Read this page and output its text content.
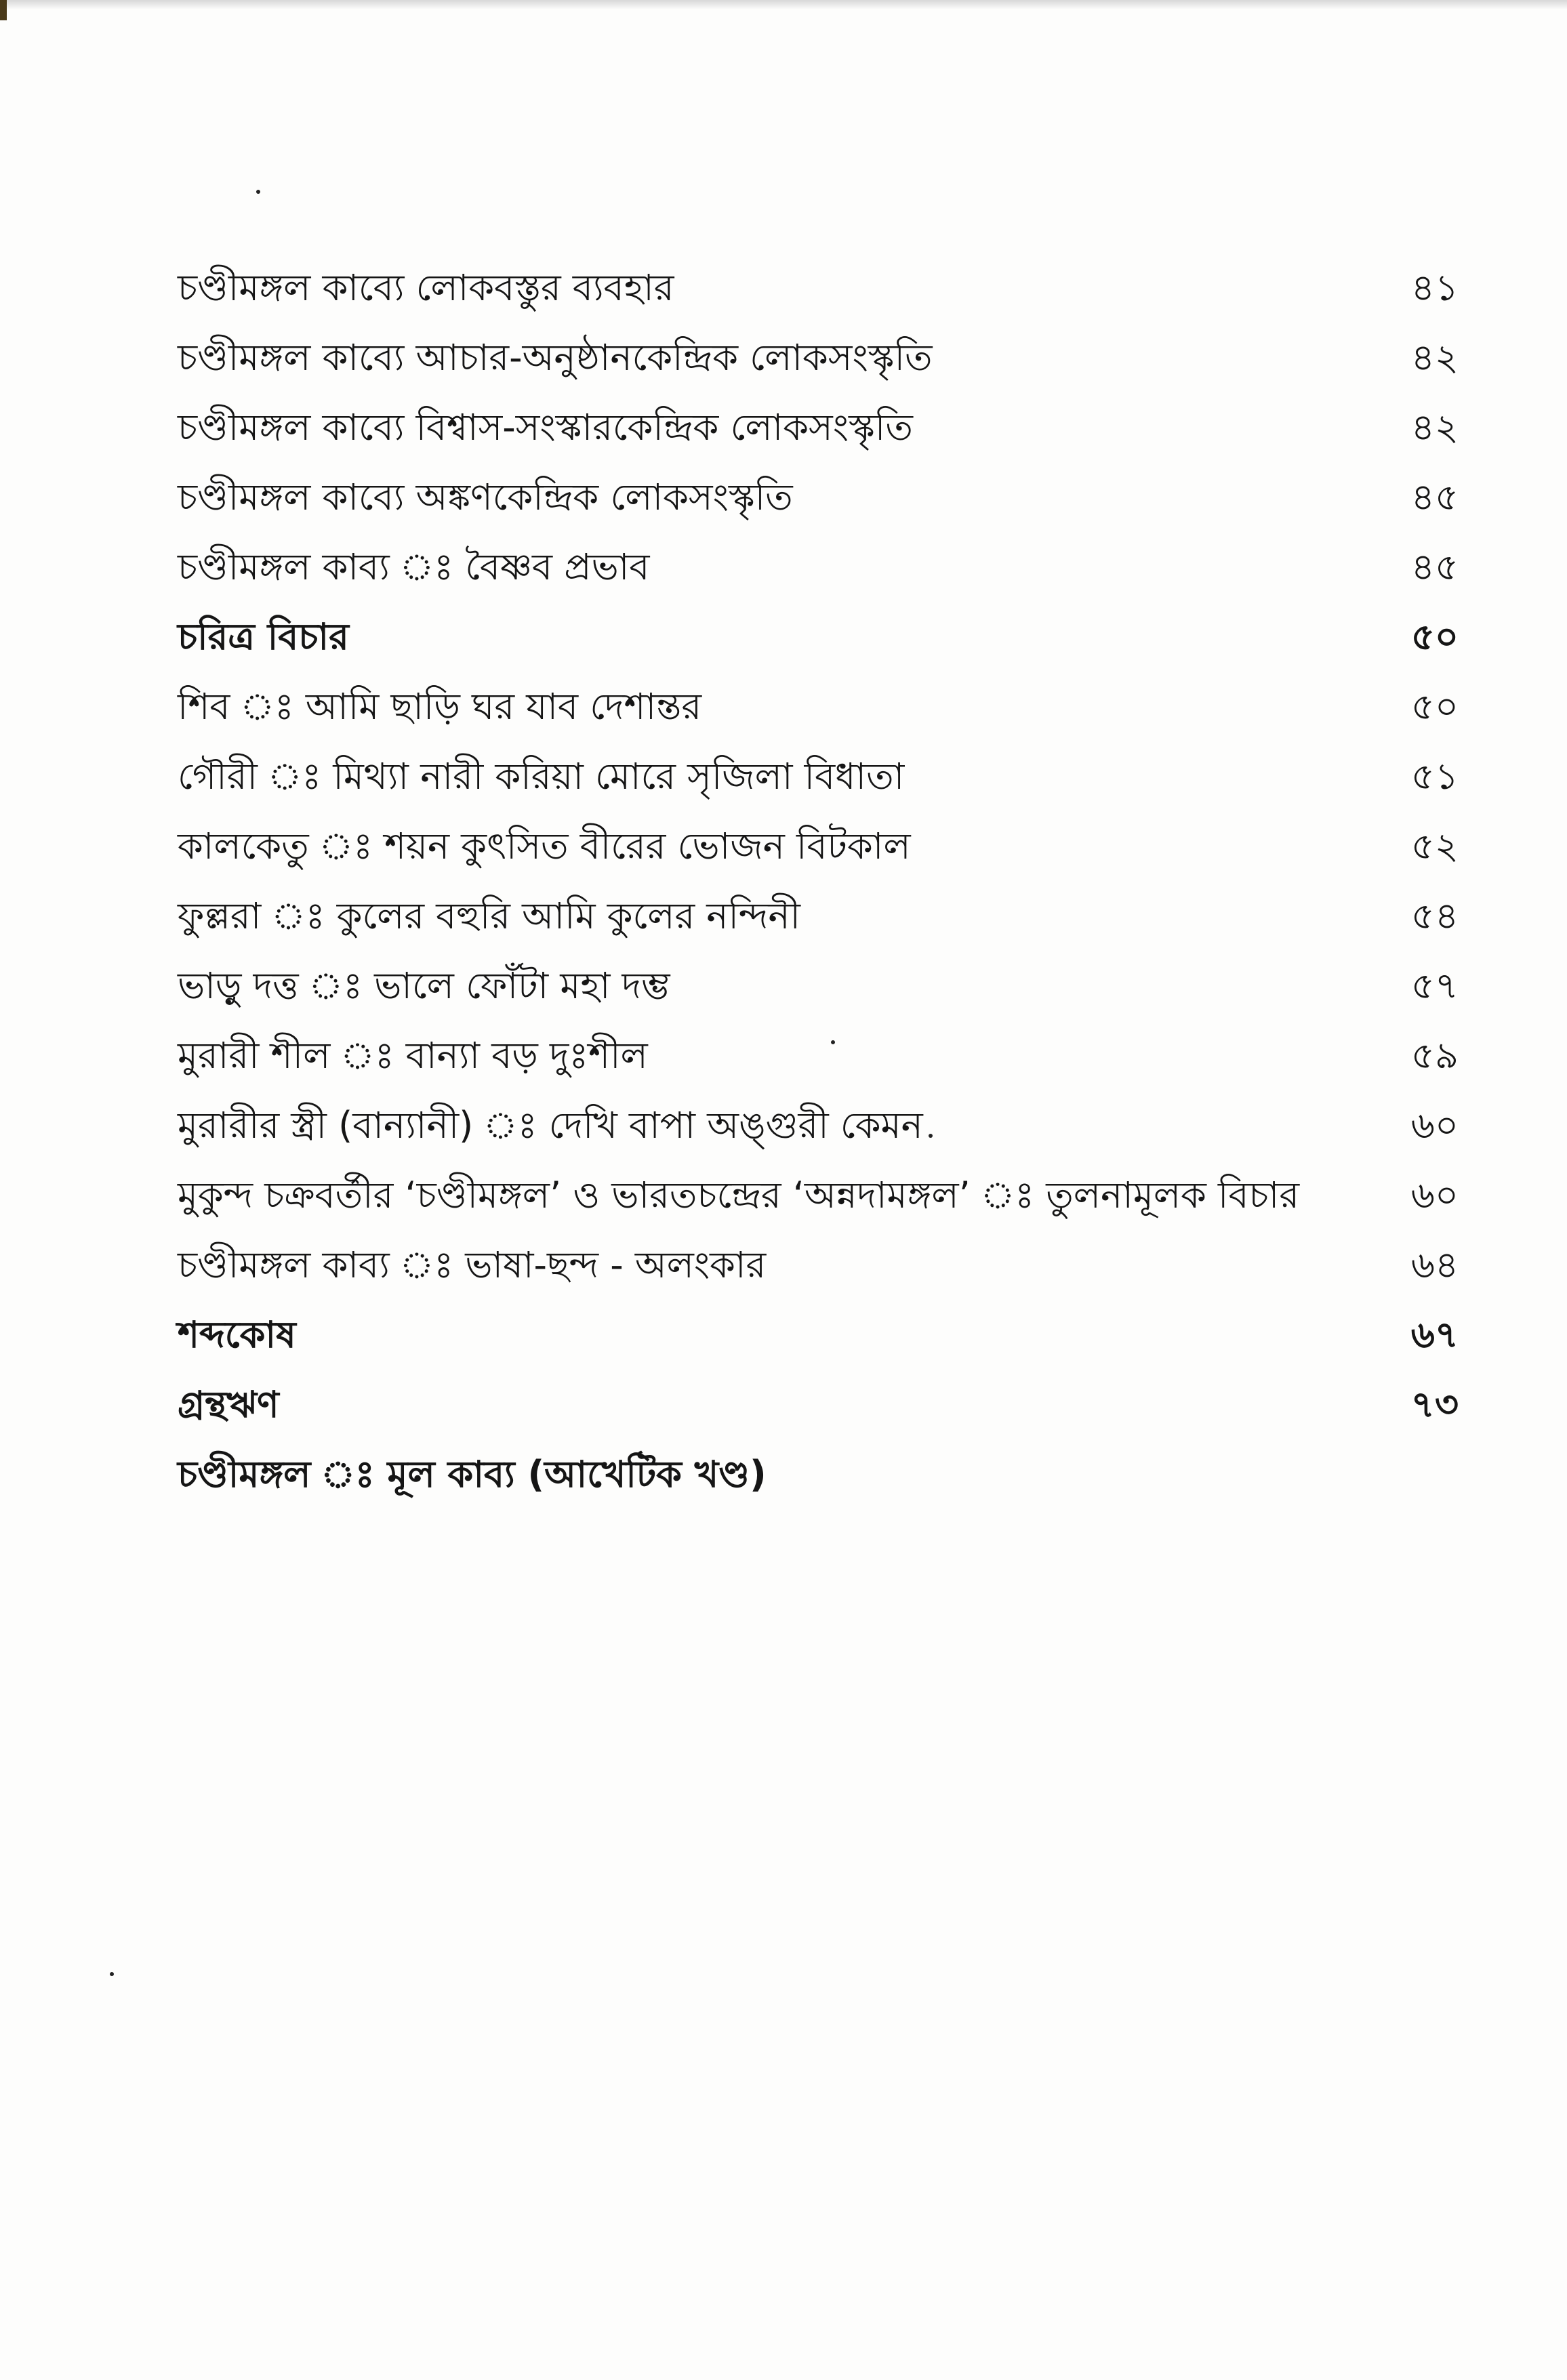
চণ্ডীমঙ্গল কাব্যে লোকবস্তুর ব্যবহার	৪১
চণ্ডীমঙ্গল কাব্যে আচার-অনুষ্ঠানকেন্দ্রিক লোকসংস্কৃতি	৪২
চণ্ডীমঙ্গল কাব্যে বিশ্বাস-সংস্কারকেন্দ্রিক লোকসংস্কৃতি	৪২
চণ্ডীমঙ্গল কাব্যে অঙ্কণকেন্দ্রিক লোকসংস্কৃতি	৪৫
চণ্ডীমঙ্গল কাব্য ঃ বৈষ্ণব প্রভাব	৪৫
চরিত্র বিচার	৫০
শিব ঃ আমি ছাড়ি ঘর যাব দেশান্তর	৫০
গৌরী ঃ মিথ্যা নারী করিয়া মোরে সৃজিলা বিধাতা	৫১
কালকেতু ঃ শয়ন কুৎসিত বীরের ভোজন বিটকাল	৫২
ফুল্লরা ঃ কুলের বহুরি আমি কুলের নন্দিনী	৫৪
ভাড়ু দত্ত ঃ ভালে ফোঁটা মহা দম্ভ	৫৭
মুরারী শীল ঃ বান্যা বড় দুঃশীল	৫৯
মুরারীর স্ত্রী (বান্যানী) ঃ দেখি বাপা অঙ্গুরী কেমন	৬০
মুকুন্দ চক্রবর্তীর ‘চণ্ডীমঙ্গল’ ও ভারতচন্দ্রের ‘অন্নদামঙ্গল’ ঃ তুলনামূলক বিচার	৬০
চণ্ডীমঙ্গল কাব্য ঃ ভাষা-ছন্দ - অলংকার	৬৪
শব্দকোষ	৬৭
গ্রন্থঋণ	৭৩
চণ্ডীমঙ্গল ঃ মূল কাব্য (আখেটিক খণ্ড)
